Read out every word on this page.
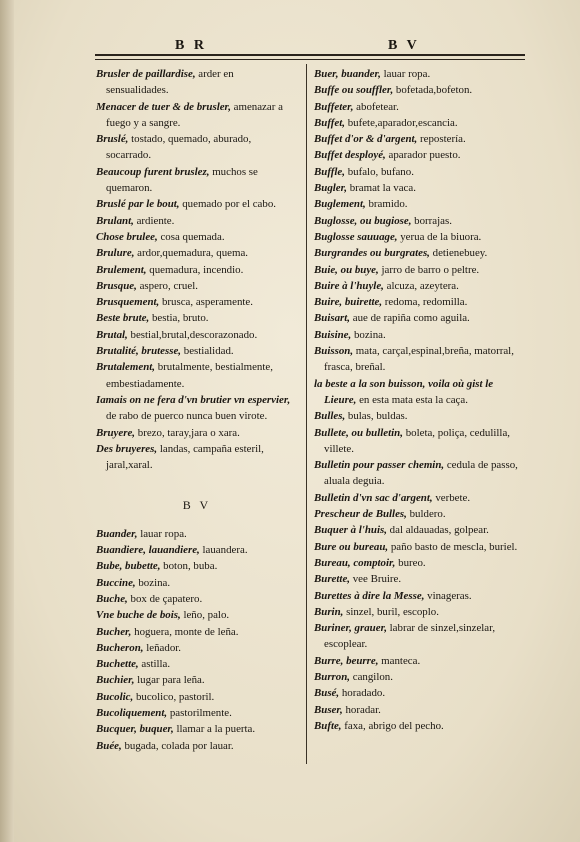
B R	B V

Brusler de paillardise, arder en sensualidades.

Menacer de tuer & de brusler, amenazar a fuego y a sangre.

Bruslé, tostado, quemado, aburado, socarrado.

Beaucoup furent bruslez, muchos se quemaron.

Bruslé par le bout, quemado por el cabo.

Brulant, ardiente.

Chose brulee, cosa quemada.

Brulure, ardor,quemadura, quema.

Brulement, quemadura, incendio.

Brusque, aspero, cruel.

Brusquement, brusca, asperamente.

Beste brute, bestia, bruto.

Brutal, bestial,brutal,descorazonado.

Brutalité, brutesse, bestialidad.

Brutalement, brutalmente, bestialmente, embestiadamente.

Iamais on ne fera d'vn brutier vn espervier, de rabo de puerco nunca buen virote.

Bruyere, brezo, taray,jara o xara.

Des bruyeres, landas, campaña esteril, jaral,xaral.

B V

Buander, lauar ropa.

Buandiere, lauandiere, lauandera.

Bube, bubette, boton, buba.

Buccine, bozina.

Buche, box de çapatero.

Vne buche de bois, leño, palo.

Bucher, hoguera, monte de leña.

Bucheron, leñador.

Buchette, astilla.

Buchier, lugar para leña.

Bucolic, bucolico, pastoril.

Bucoliquement, pastorilmente.

Bucquer, buquer, llamar a la puerta.

Buée, bugada, colada por lauar.

Buer, buander, lauar ropa.

Buffe ou souffler, bofetada,bofeton.

Buffeter, abofetear.

Buffet, bufete,aparador,escancia.

Buffet d'or & d'argent, repostería.

Buffet desployé, aparador puesto.

Buffle, bufalo, bufano.

Bugler, bramat la vaca.

Buglement, bramido.

Buglosse, ou bugiose, borrajas.

Buglosse sauuage, yerua de la biuora.

Burgrandes ou burgrates, detienebuey.

Buie, ou buye, jarro de barro o peltre.

Buire à l'huyle, alcuza, azeytera.

Buire, buirette, redoma, redomilla.

Buisart, aue de rapiña como aguila.

Buisine, bozina.

Buisson, mata, carçal,espinal,breña, matorral, frasca, breñal.

la beste a la son buisson, voila où gist le Lieure, en esta mata esta la caça.

Bulles, bulas, buldas.

Bullete, ou bulletin, boleta, poliça, cedulilla, villete.

Bulletin pour passer chemin, cedula de passo, aluala deguia.

Bulletin d'vn sac d'argent, verbete.

Prescheur de Bulles, buldero.

Buquer à l'huis, dal aldauadas, golpear.

Bure ou bureau, paño basto de mescla, buriel.

Bureau, comptoir, bureo.

Burette, vee Bruire.

Burettes à dire la Messe, vinageras.

Burin, sinzel, buril, escoplo.

Buriner, grauer, labrar de sinzel,sinzelar, escoplear.

Burre, beurre, manteca.

Burron, cangilon.

Busé, horadado.

Buser, horadar.

Bufte, faxa, abrigo del pecho.
